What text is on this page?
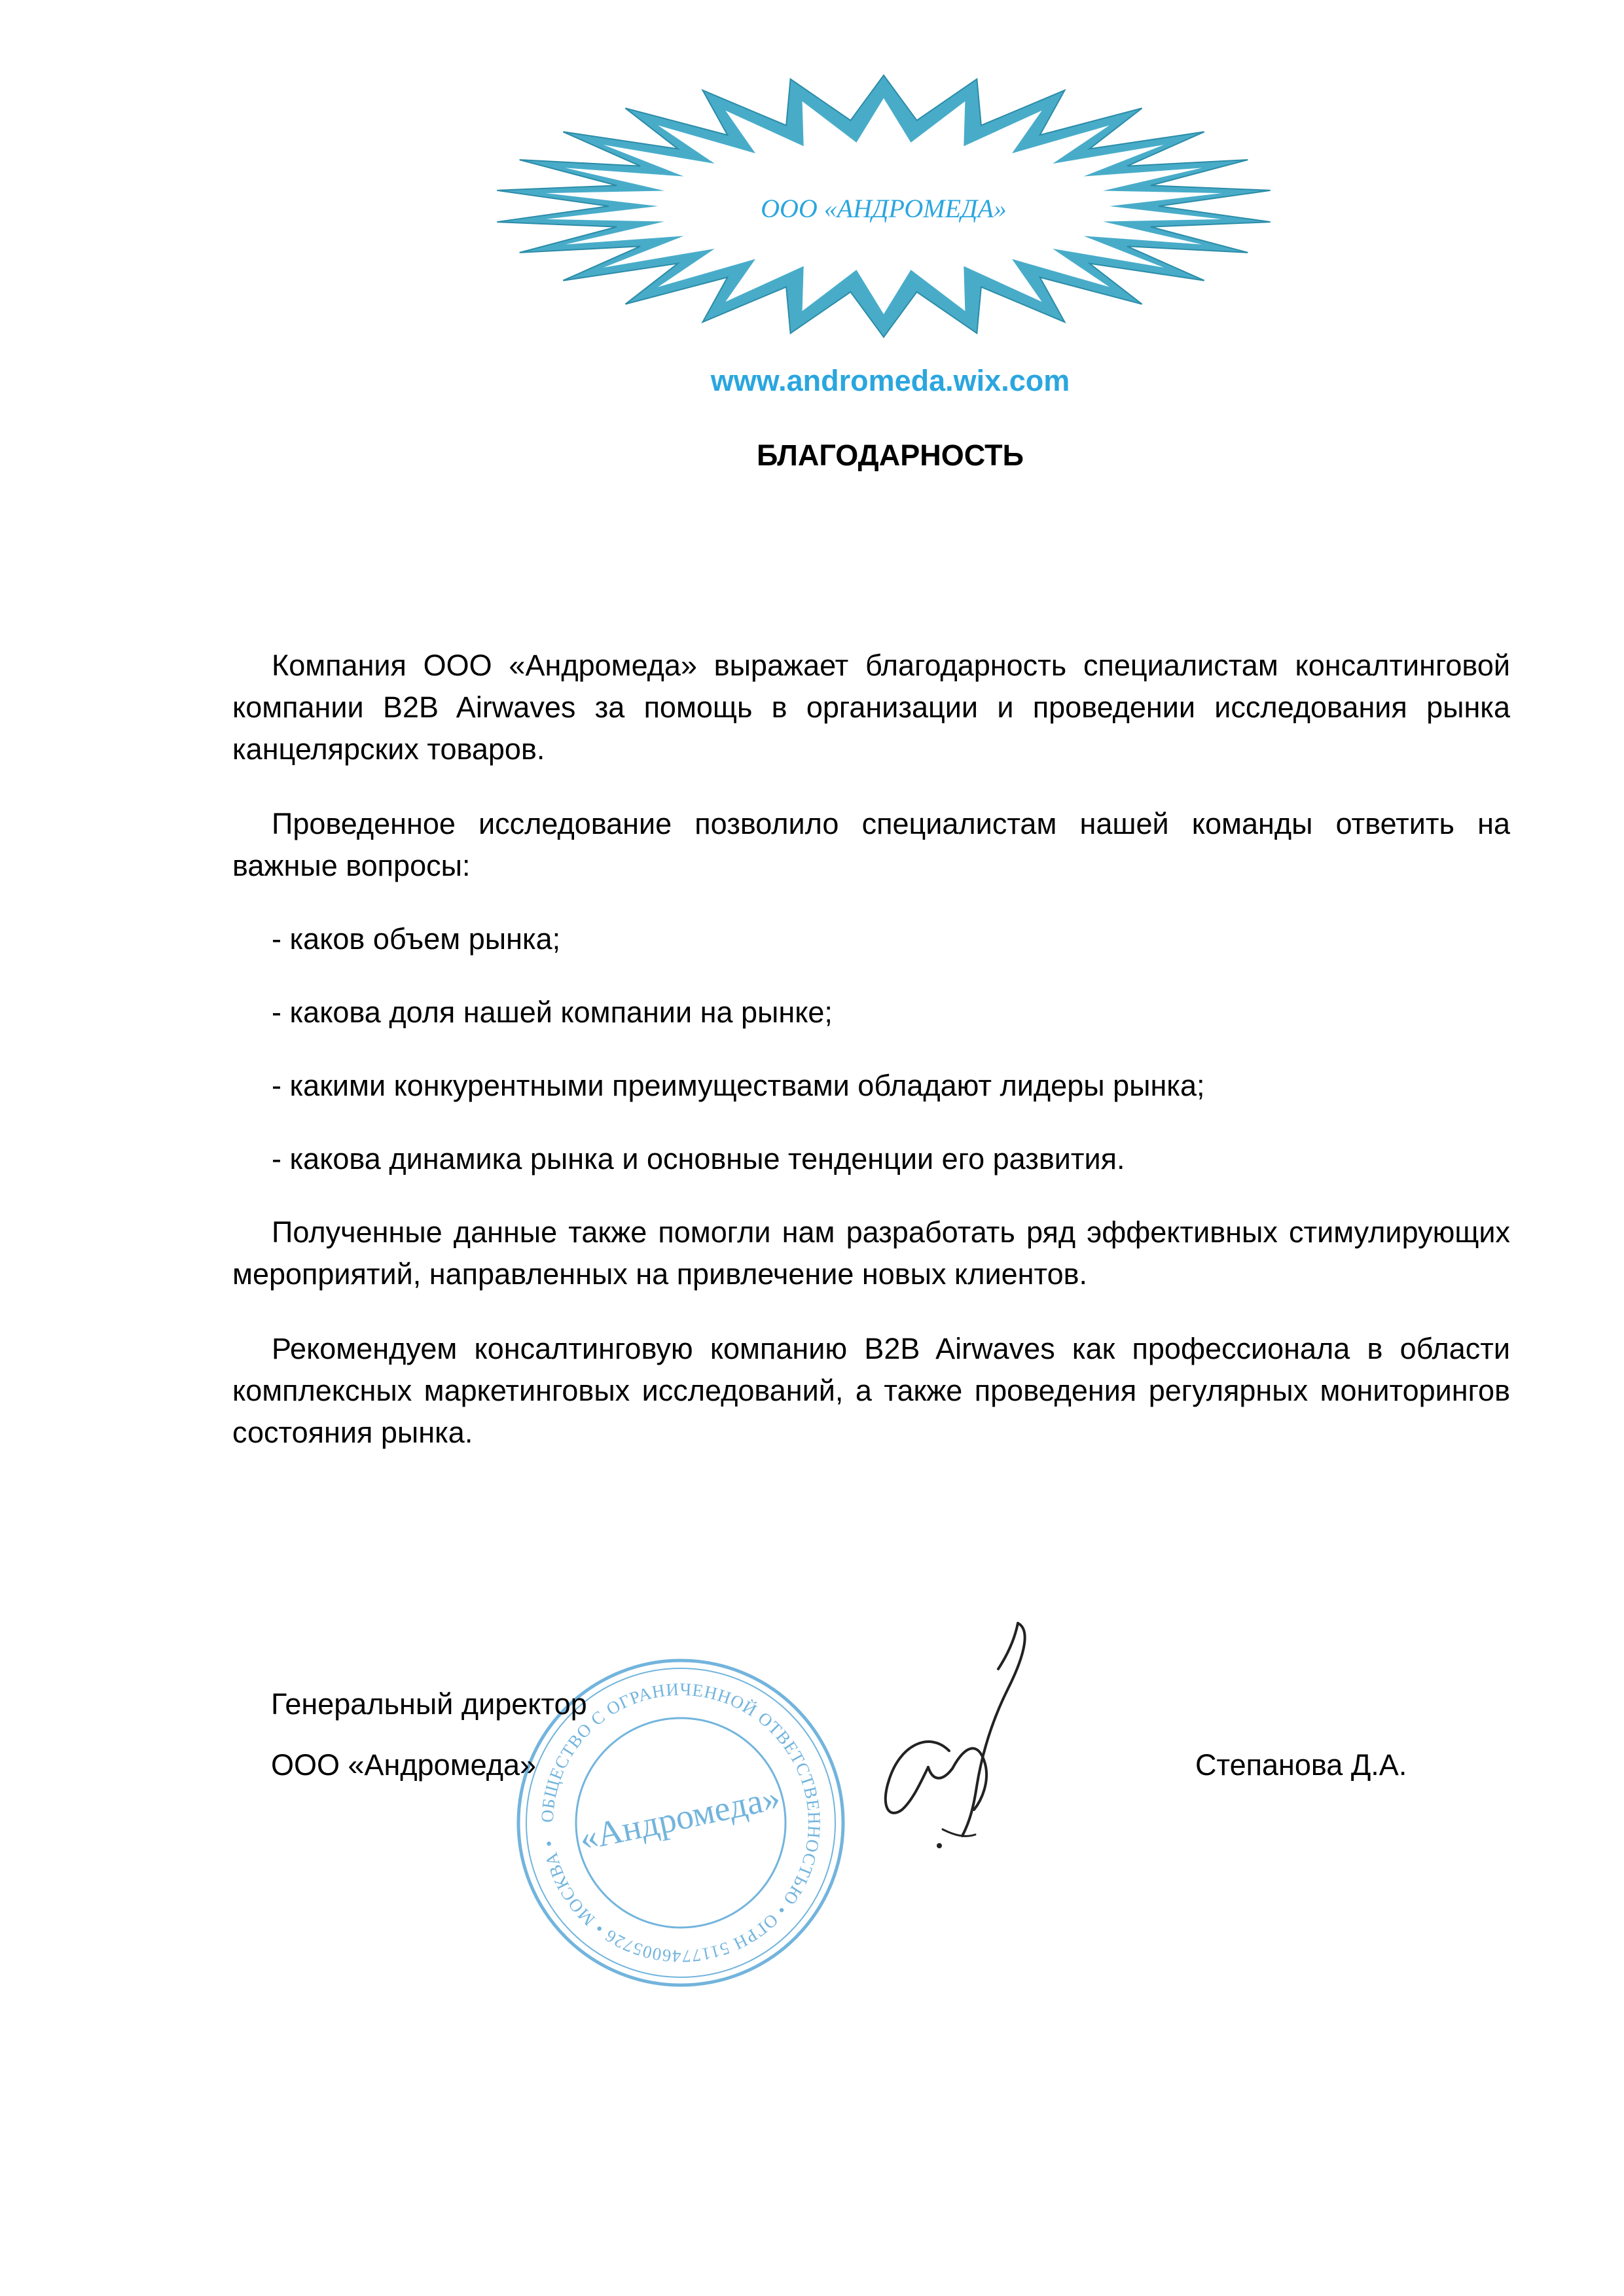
ООО «АНДРОМЕДА»
www.andromeda.wix.com
БЛАГОДАРНОСТЬ

Компания ООО «Андромеда» выражает благодарность специалистам консалтинговой компании B2B Airwaves за помощь в организации и проведении исследования рынка канцелярских товаров.

Проведенное исследование позволило специалистам нашей команды ответить на важные вопросы:

- каков объем рынка;

- какова доля нашей компании на рынке;

- какими конкурентными преимуществами обладают лидеры рынка;

- какова динамика рынка и основные тенденции его развития.

Полученные данные также помогли нам разработать ряд эффективных стимулирующих мероприятий, направленных на привлечение новых клиентов.

Рекомендуем консалтинговую компанию B2B Airwaves как профессионала в области комплексных маркетинговых исследований, а также проведения регулярных мониторингов состояния рынка.

ОБЩЕСТВО С ОГРАНИЧЕННОЙ ОТВЕТСТВЕННОСТЬЮ • ОГРН 5117746005726 • МОСКВА • «Андромеда»
Генеральный директор
ООО «Андромеда»	Степанова Д.А.
